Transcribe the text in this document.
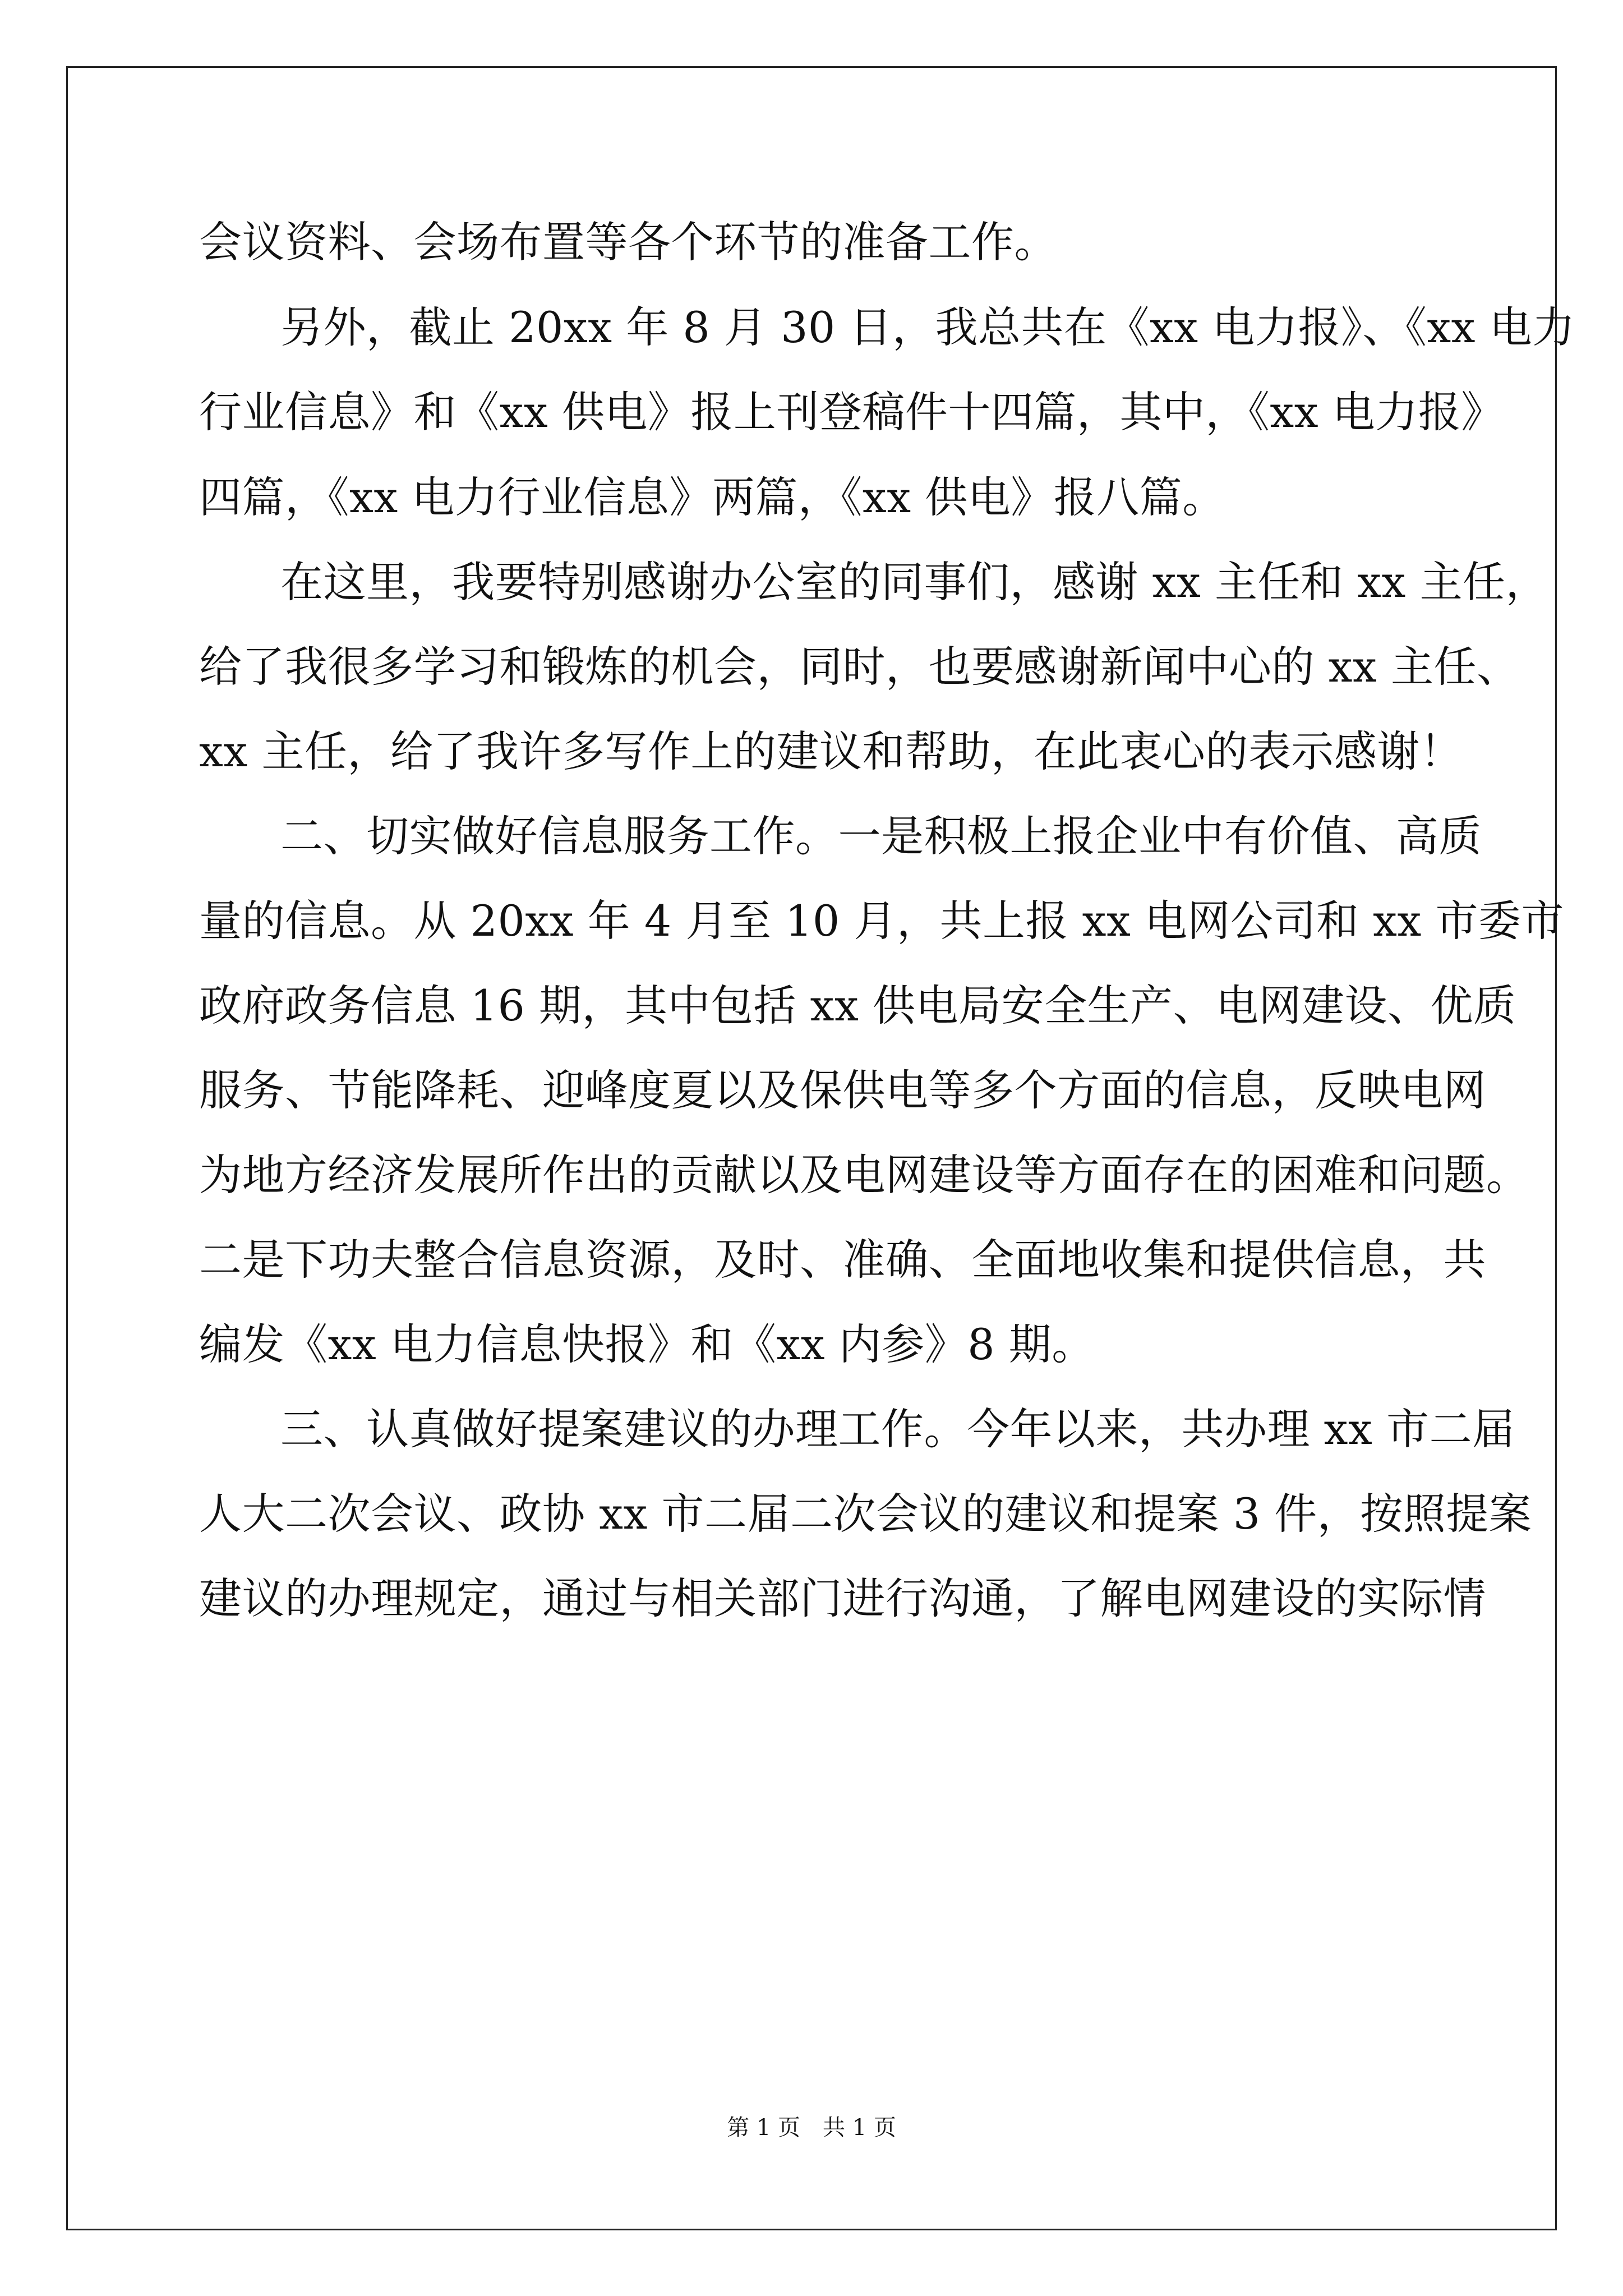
会议资料、会场布置等各个环节的准备工作。
另外，截止 20xx 年 8 月 30 日，我总共在《xx 电力报》、《xx 电力
行业信息》和《xx 供电》报上刊登稿件十四篇，其中，《xx 电力报》
四篇，《xx 电力行业信息》两篇，《xx 供电》报八篇。
在这里，我要特别感谢办公室的同事们，感谢 xx 主任和 xx 主任，
给了我很多学习和锻炼的机会，同时，也要感谢新闻中心的 xx 主任、
xx 主任，给了我许多写作上的建议和帮助，在此衷心的表示感谢！
二、切实做好信息服务工作。一是积极上报企业中有价值、高质
量的信息。从 20xx 年 4 月至 10 月，共上报 xx 电网公司和 xx 市委市
政府政务信息 16 期，其中包括 xx 供电局安全生产、电网建设、优质
服务、节能降耗、迎峰度夏以及保供电等多个方面的信息，反映电网
为地方经济发展所作出的贡献以及电网建设等方面存在的困难和问题。
二是下功夫整合信息资源，及时、准确、全面地收集和提供信息，共
编发《xx 电力信息快报》和《xx 内参》8 期。
三、认真做好提案建议的办理工作。今年以来，共办理 xx 市二届
人大二次会议、政协 xx 市二届二次会议的建议和提案 3 件，按照提案
建议的办理规定，通过与相关部门进行沟通，了解电网建设的实际情
第 1 页　共 1 页
